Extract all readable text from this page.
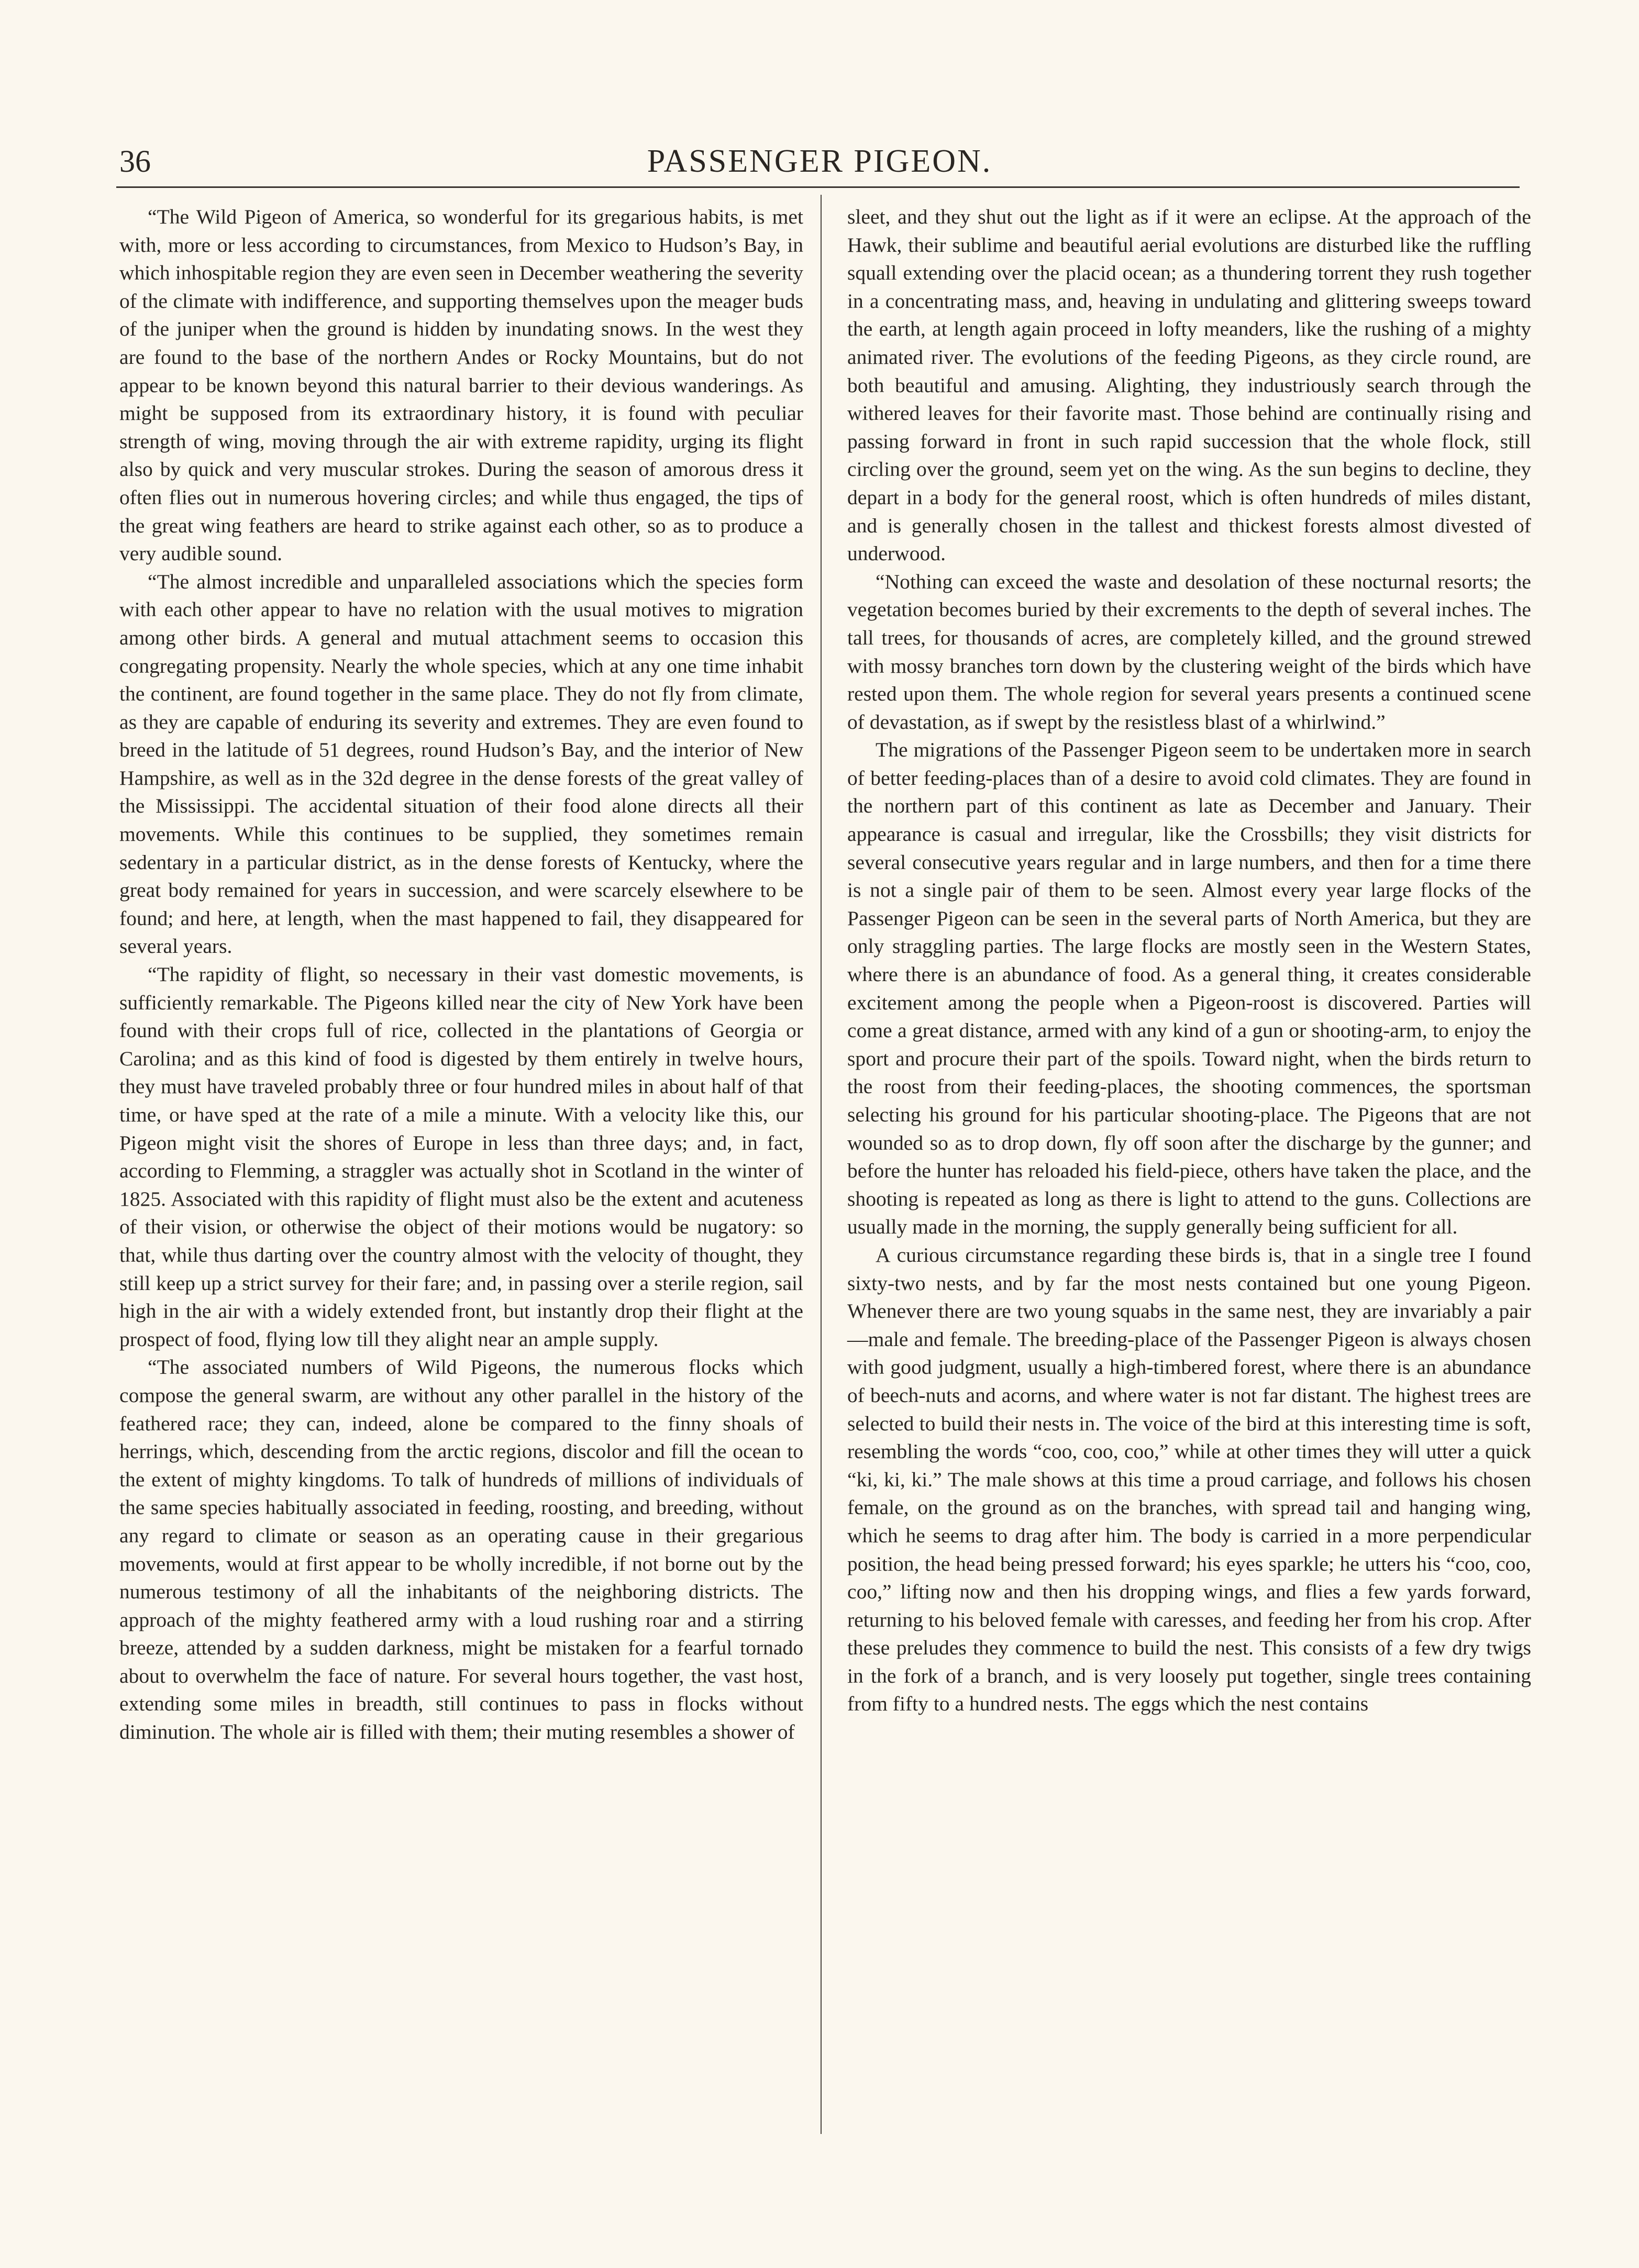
36	PASSENGER PIGEON.

“The Wild Pigeon of America, so wonderful for its gregarious habits, is met with, more or less according to circumstances, from Mexico to Hudson’s Bay, in which inhospitable region they are even seen in December weathering the severity of the climate with indifference, and supporting themselves upon the meager buds of the juniper when the ground is hidden by inundating snows. In the west they are found to the base of the northern Andes or Rocky Mountains, but do not appear to be known beyond this natural barrier to their devious wanderings. As might be supposed from its extraordinary history, it is found with peculiar strength of wing, moving through the air with extreme rapidity, urging its flight also by quick and very muscular strokes. During the season of amorous dress it often flies out in numerous hovering circles; and while thus engaged, the tips of the great wing feathers are heard to strike against each other, so as to produce a very audible sound.

“The almost incredible and unparalleled associations which the species form with each other appear to have no relation with the usual motives to migration among other birds. A general and mutual attachment seems to occasion this congregating propensity. Nearly the whole species, which at any one time inhabit the continent, are found together in the same place. They do not fly from climate, as they are capable of enduring its severity and extremes. They are even found to breed in the latitude of 51 degrees, round Hudson’s Bay, and the interior of New Hampshire, as well as in the 32d degree in the dense forests of the great valley of the Mississippi. The accidental situation of their food alone directs all their movements. While this continues to be supplied, they sometimes remain sedentary in a particular district, as in the dense forests of Kentucky, where the great body remained for years in succession, and were scarcely elsewhere to be found; and here, at length, when the mast happened to fail, they disappeared for several years.

“The rapidity of flight, so necessary in their vast domestic movements, is sufficiently remarkable. The Pigeons killed near the city of New York have been found with their crops full of rice, collected in the plantations of Georgia or Carolina; and as this kind of food is digested by them entirely in twelve hours, they must have traveled probably three or four hundred miles in about half of that time, or have sped at the rate of a mile a minute. With a velocity like this, our Pigeon might visit the shores of Europe in less than three days; and, in fact, according to Flemming, a straggler was actually shot in Scotland in the winter of 1825. Associated with this rapidity of flight must also be the extent and acuteness of their vision, or otherwise the object of their motions would be nugatory: so that, while thus darting over the country almost with the velocity of thought, they still keep up a strict survey for their fare; and, in passing over a sterile region, sail high in the air with a widely extended front, but instantly drop their flight at the prospect of food, flying low till they alight near an ample supply.

“The associated numbers of Wild Pigeons, the numerous flocks which compose the general swarm, are without any other parallel in the history of the feathered race; they can, indeed, alone be compared to the finny shoals of herrings, which, descending from the arctic regions, discolor and fill the ocean to the extent of mighty kingdoms. To talk of hundreds of millions of individuals of the same species habitually associated in feeding, roosting, and breeding, without any regard to climate or season as an operating cause in their gregarious movements, would at first appear to be wholly incredible, if not borne out by the numerous testimony of all the inhabitants of the neighboring districts. The approach of the mighty feathered army with a loud rushing roar and a stirring breeze, attended by a sudden darkness, might be mistaken for a fearful tornado about to overwhelm the face of nature. For several hours together, the vast host, extending some miles in breadth, still continues to pass in flocks without diminution. The whole air is filled with them; their muting resembles a shower of

sleet, and they shut out the light as if it were an eclipse. At the approach of the Hawk, their sublime and beautiful aerial evolutions are disturbed like the ruffling squall extending over the placid ocean; as a thundering torrent they rush together in a concentrating mass, and, heaving in undulating and glittering sweeps toward the earth, at length again proceed in lofty meanders, like the rushing of a mighty animated river. The evolutions of the feeding Pigeons, as they circle round, are both beautiful and amusing. Alighting, they industriously search through the withered leaves for their favorite mast. Those behind are continually rising and passing forward in front in such rapid succession that the whole flock, still circling over the ground, seem yet on the wing. As the sun begins to decline, they depart in a body for the general roost, which is often hundreds of miles distant, and is generally chosen in the tallest and thickest forests almost divested of underwood.

“Nothing can exceed the waste and desolation of these nocturnal resorts; the vegetation becomes buried by their excrements to the depth of several inches. The tall trees, for thousands of acres, are completely killed, and the ground strewed with mossy branches torn down by the clustering weight of the birds which have rested upon them. The whole region for several years presents a continued scene of devastation, as if swept by the resistless blast of a whirlwind.”

The migrations of the Passenger Pigeon seem to be undertaken more in search of better feeding-places than of a desire to avoid cold climates. They are found in the northern part of this continent as late as December and January. Their appearance is casual and irregular, like the Crossbills; they visit districts for several consecutive years regular and in large numbers, and then for a time there is not a single pair of them to be seen. Almost every year large flocks of the Passenger Pigeon can be seen in the several parts of North America, but they are only straggling parties. The large flocks are mostly seen in the Western States, where there is an abundance of food. As a general thing, it creates considerable excitement among the people when a Pigeon-roost is discovered. Parties will come a great distance, armed with any kind of a gun or shooting-arm, to enjoy the sport and procure their part of the spoils. Toward night, when the birds return to the roost from their feeding-places, the shooting commences, the sportsman selecting his ground for his particular shooting-place. The Pigeons that are not wounded so as to drop down, fly off soon after the discharge by the gunner; and before the hunter has reloaded his field-piece, others have taken the place, and the shooting is repeated as long as there is light to attend to the guns. Collections are usually made in the morning, the supply generally being sufficient for all.

A curious circumstance regarding these birds is, that in a single tree I found sixty-two nests, and by far the most nests contained but one young Pigeon. Whenever there are two young squabs in the same nest, they are invariably a pair—male and female. The breeding-place of the Passenger Pigeon is always chosen with good judgment, usually a high-timbered forest, where there is an abundance of beech-nuts and acorns, and where water is not far distant. The highest trees are selected to build their nests in. The voice of the bird at this interesting time is soft, resembling the words “coo, coo, coo,” while at other times they will utter a quick “ki, ki, ki.” The male shows at this time a proud carriage, and follows his chosen female, on the ground as on the branches, with spread tail and hanging wing, which he seems to drag after him. The body is carried in a more perpendicular position, the head being pressed forward; his eyes sparkle; he utters his “coo, coo, coo,” lifting now and then his dropping wings, and flies a few yards forward, returning to his beloved female with caresses, and feeding her from his crop. After these preludes they commence to build the nest. This consists of a few dry twigs in the fork of a branch, and is very loosely put together, single trees containing from fifty to a hundred nests. The eggs which the nest contains
